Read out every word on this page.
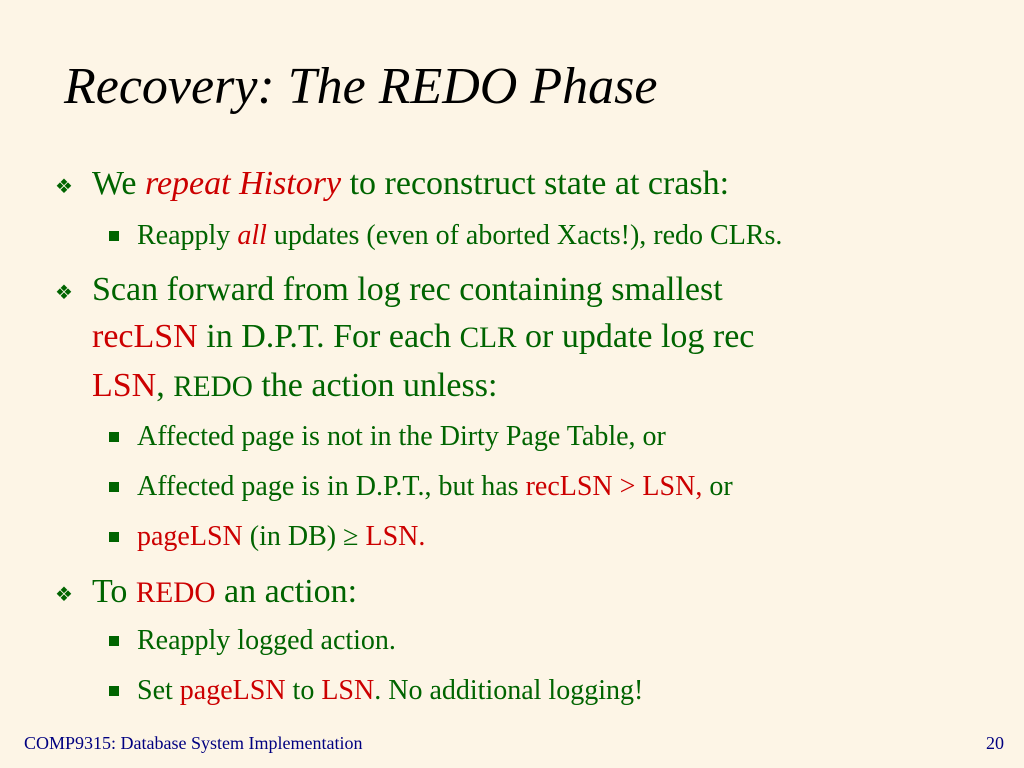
Recovery: The REDO Phase
❖ We repeat History to reconstruct state at crash:
Reapply all updates (even of aborted Xacts!), redo CLRs.
❖ Scan forward from log rec containing smallest
recLSN in D.P.T. For each CLR or update log rec
LSN, REDO the action unless:
Affected page is not in the Dirty Page Table, or
Affected page is in D.P.T., but has recLSN > LSN, or
pageLSN (in DB) ≥ LSN.
❖ To REDO an action:
Reapply logged action.
Set pageLSN to LSN. No additional logging!
COMP9315: Database System Implementation	20
